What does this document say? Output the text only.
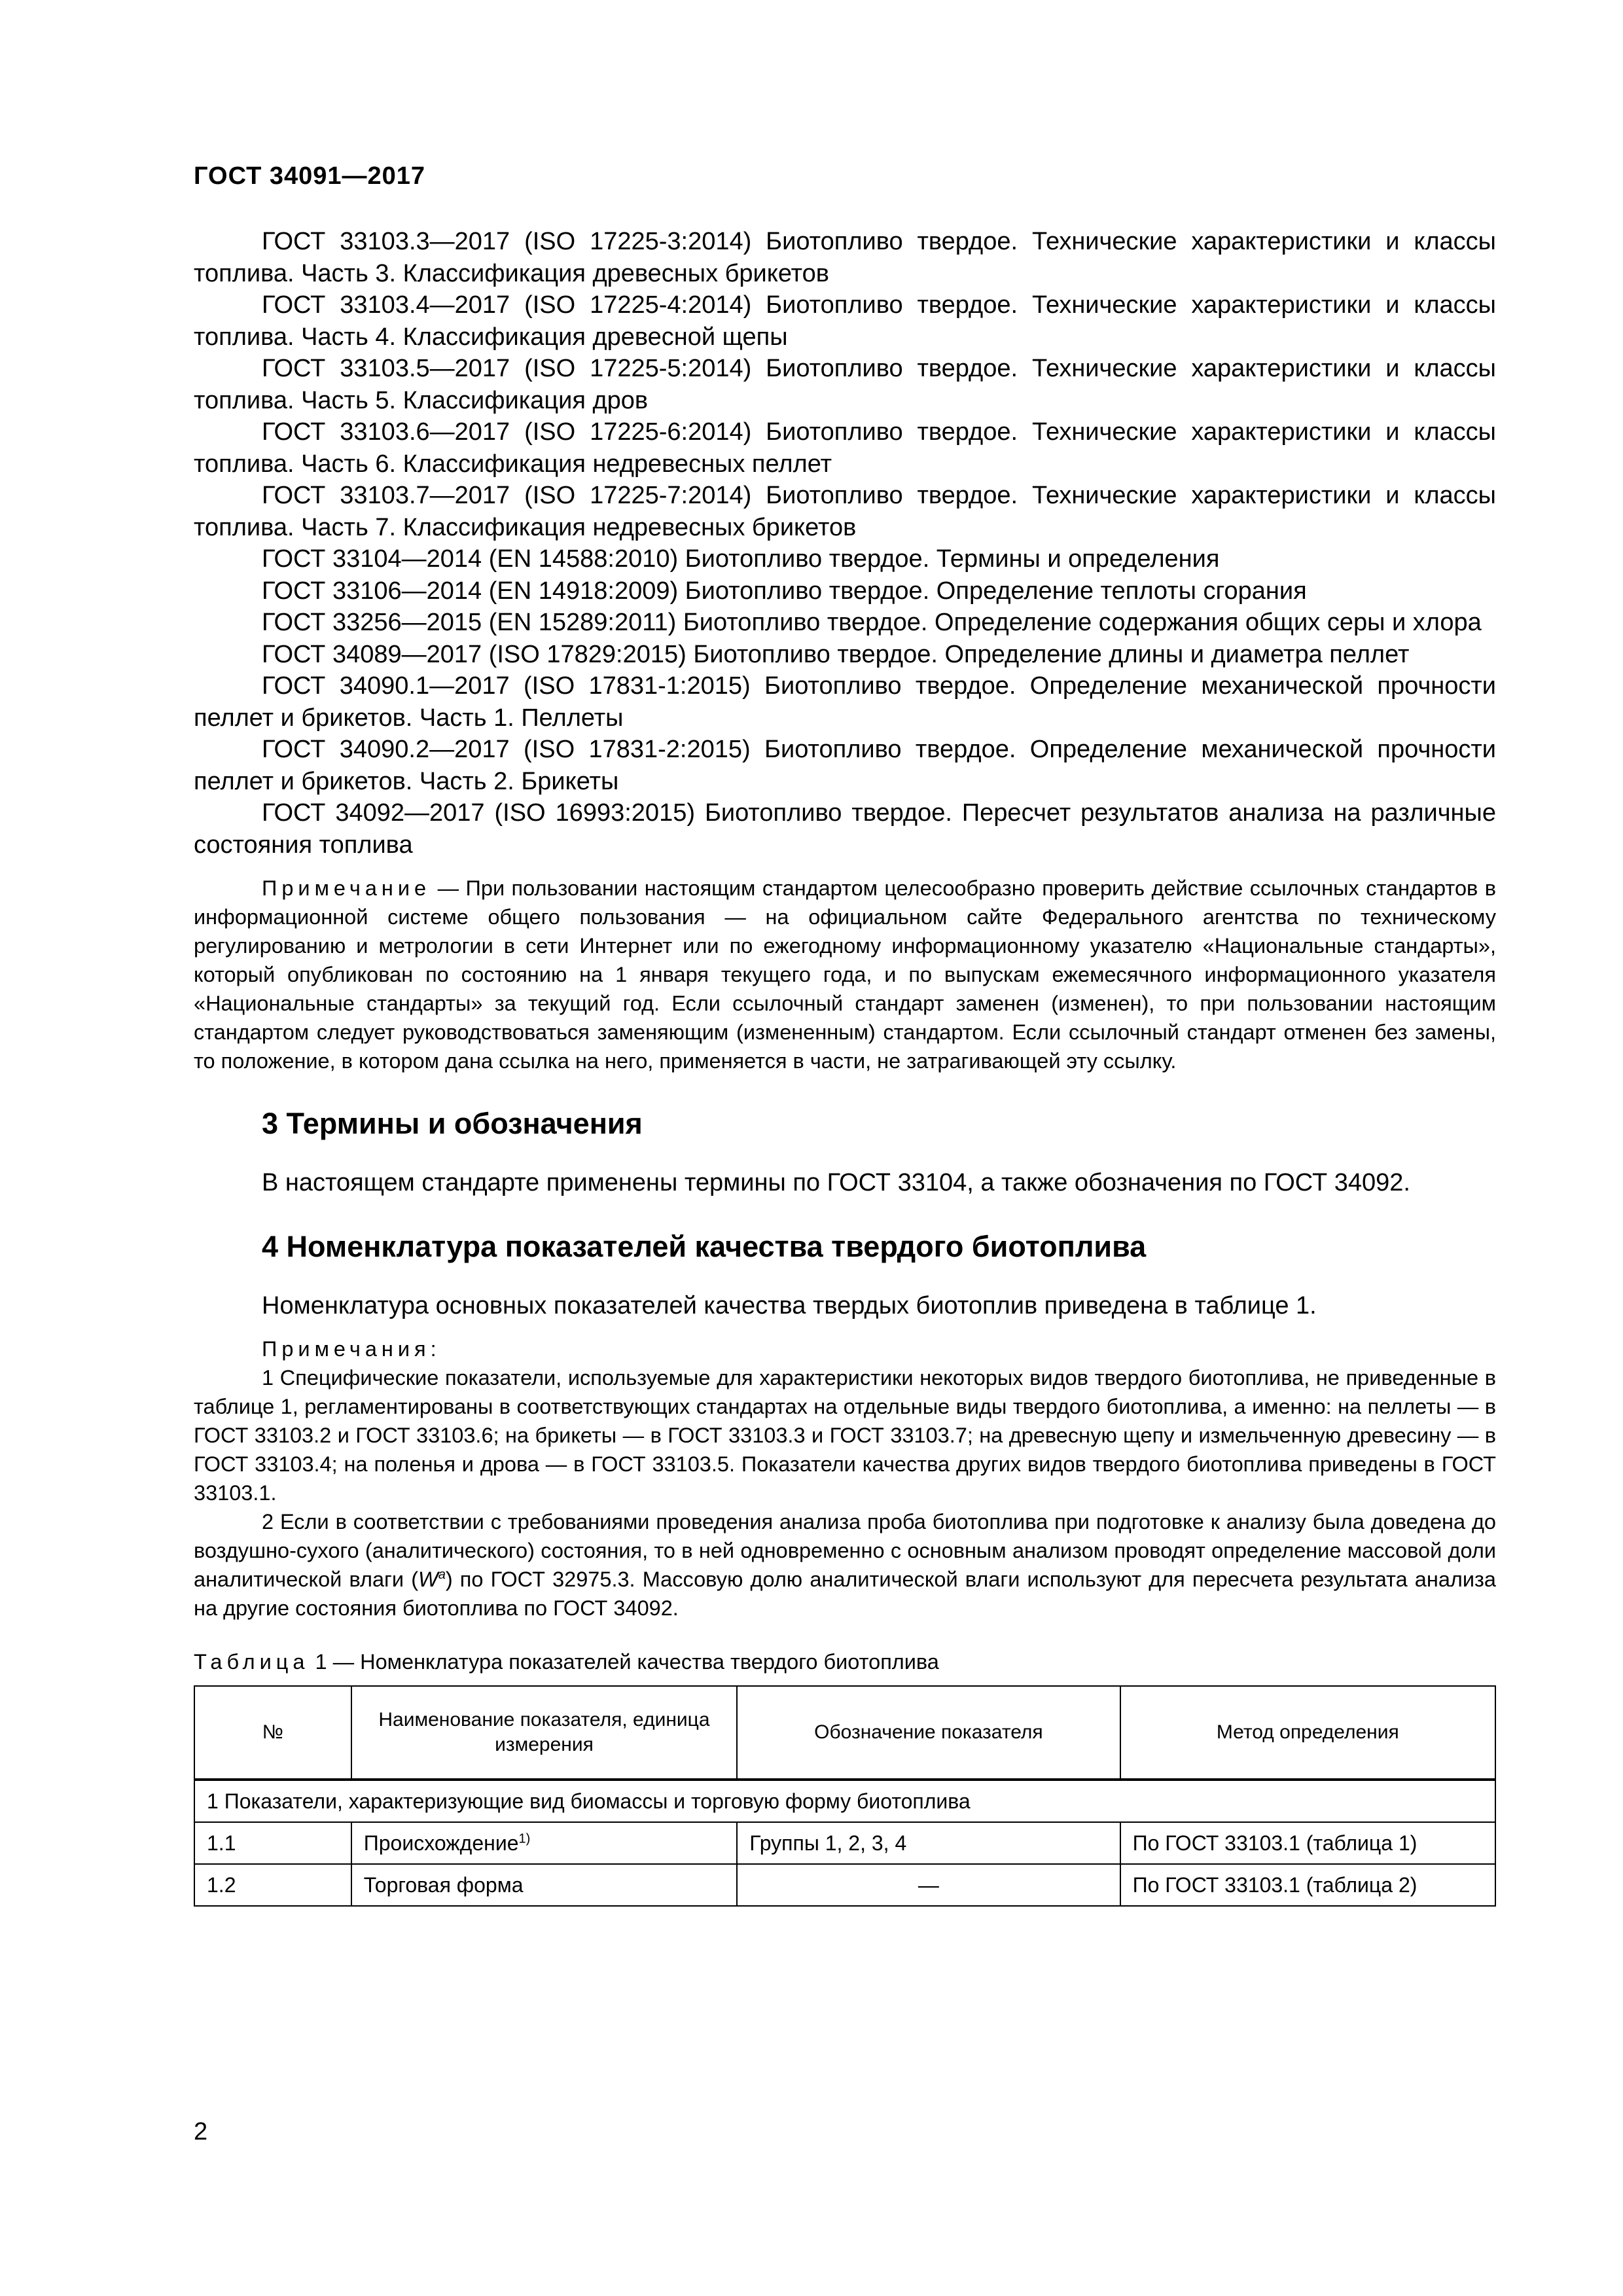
ГОСТ 34091—2017

ГОСТ 33103.3—2017 (ISO 17225-3:2014) Биотопливо твердое. Технические характеристики и классы топлива. Часть 3. Классификация древесных брикетов

ГОСТ 33103.4—2017 (ISO 17225-4:2014) Биотопливо твердое. Технические характеристики и классы топлива. Часть 4. Классификация древесной щепы

ГОСТ 33103.5—2017 (ISO 17225-5:2014) Биотопливо твердое. Технические характеристики и классы топлива. Часть 5. Классификация дров

ГОСТ 33103.6—2017 (ISO 17225-6:2014) Биотопливо твердое. Технические характеристики и классы топлива. Часть 6. Классификация недревесных пеллет

ГОСТ 33103.7—2017 (ISO 17225-7:2014) Биотопливо твердое. Технические характеристики и классы топлива. Часть 7. Классификация недревесных брикетов

ГОСТ 33104—2014 (EN 14588:2010) Биотопливо твердое. Термины и определения

ГОСТ 33106—2014 (EN 14918:2009) Биотопливо твердое. Определение теплоты сгорания

ГОСТ 33256—2015 (EN 15289:2011) Биотопливо твердое. Определение содержания общих серы и хлора

ГОСТ 34089—2017 (ISO 17829:2015) Биотопливо твердое. Определение длины и диаметра пеллет

ГОСТ 34090.1—2017 (ISO 17831-1:2015) Биотопливо твердое. Определение механической прочности пеллет и брикетов. Часть 1. Пеллеты

ГОСТ 34090.2—2017 (ISO 17831-2:2015) Биотопливо твердое. Определение механической прочности пеллет и брикетов. Часть 2. Брикеты

ГОСТ 34092—2017 (ISO 16993:2015) Биотопливо твердое. Пересчет результатов анализа на различные состояния топлива

Примечание — При пользовании настоящим стандартом целесообразно проверить действие ссылочных стандартов в информационной системе общего пользования — на официальном сайте Федерального агентства по техническому регулированию и метрологии в сети Интернет или по ежегодному информационному указателю «Национальные стандарты», который опубликован по состоянию на 1 января текущего года, и по выпускам ежемесячного информационного указателя «Национальные стандарты» за текущий год. Если ссылочный стандарт заменен (изменен), то при пользовании настоящим стандартом следует руководствоваться заменяющим (измененным) стандартом. Если ссылочный стандарт отменен без замены, то положение, в котором дана ссылка на него, применяется в части, не затрагивающей эту ссылку.

3 Термины и обозначения

В настоящем стандарте применены термины по ГОСТ 33104, а также обозначения по ГОСТ 34092.

4 Номенклатура показателей качества твердого биотоплива

Номенклатура основных показателей качества твердых биотоплив приведена в таблице 1.

Примечания:

1 Специфические показатели, используемые для характеристики некоторых видов твердого биотоплива, не приведенные в таблице 1, регламентированы в соответствующих стандартах на отдельные виды твердого биотоплива, а именно: на пеллеты — в ГОСТ 33103.2 и ГОСТ 33103.6; на брикеты — в ГОСТ 33103.3 и ГОСТ 33103.7; на древесную щепу и измельченную древесину — в ГОСТ 33103.4; на поленья и дрова — в ГОСТ 33103.5. Показатели качества других видов твердого биотоплива приведены в ГОСТ 33103.1.

2 Если в соответствии с требованиями проведения анализа проба биотоплива при подготовке к анализу была доведена до воздушно-сухого (аналитического) состояния, то в ней одновременно с основным анализом проводят определение массовой доли аналитической влаги $(W^a)$ по ГОСТ 32975.3. Массовую долю аналитической влаги используют для пересчета результата анализа на другие состояния биотоплива по ГОСТ 34092.

Таблица 1 — Номенклатура показателей качества твердого биотоплива

№	Наименование показателя, единица измерения	Обозначение показателя	Метод определения
1 Показатели, характеризующие вид биомассы и торговую форму биотоплива			
1.1	Происхождение$^{1)}$	Группы 1, 2, 3, 4	По ГОСТ 33103.1 (таблица 1)
1.2	Торговая форма	—	По ГОСТ 33103.1 (таблица 2)
2
